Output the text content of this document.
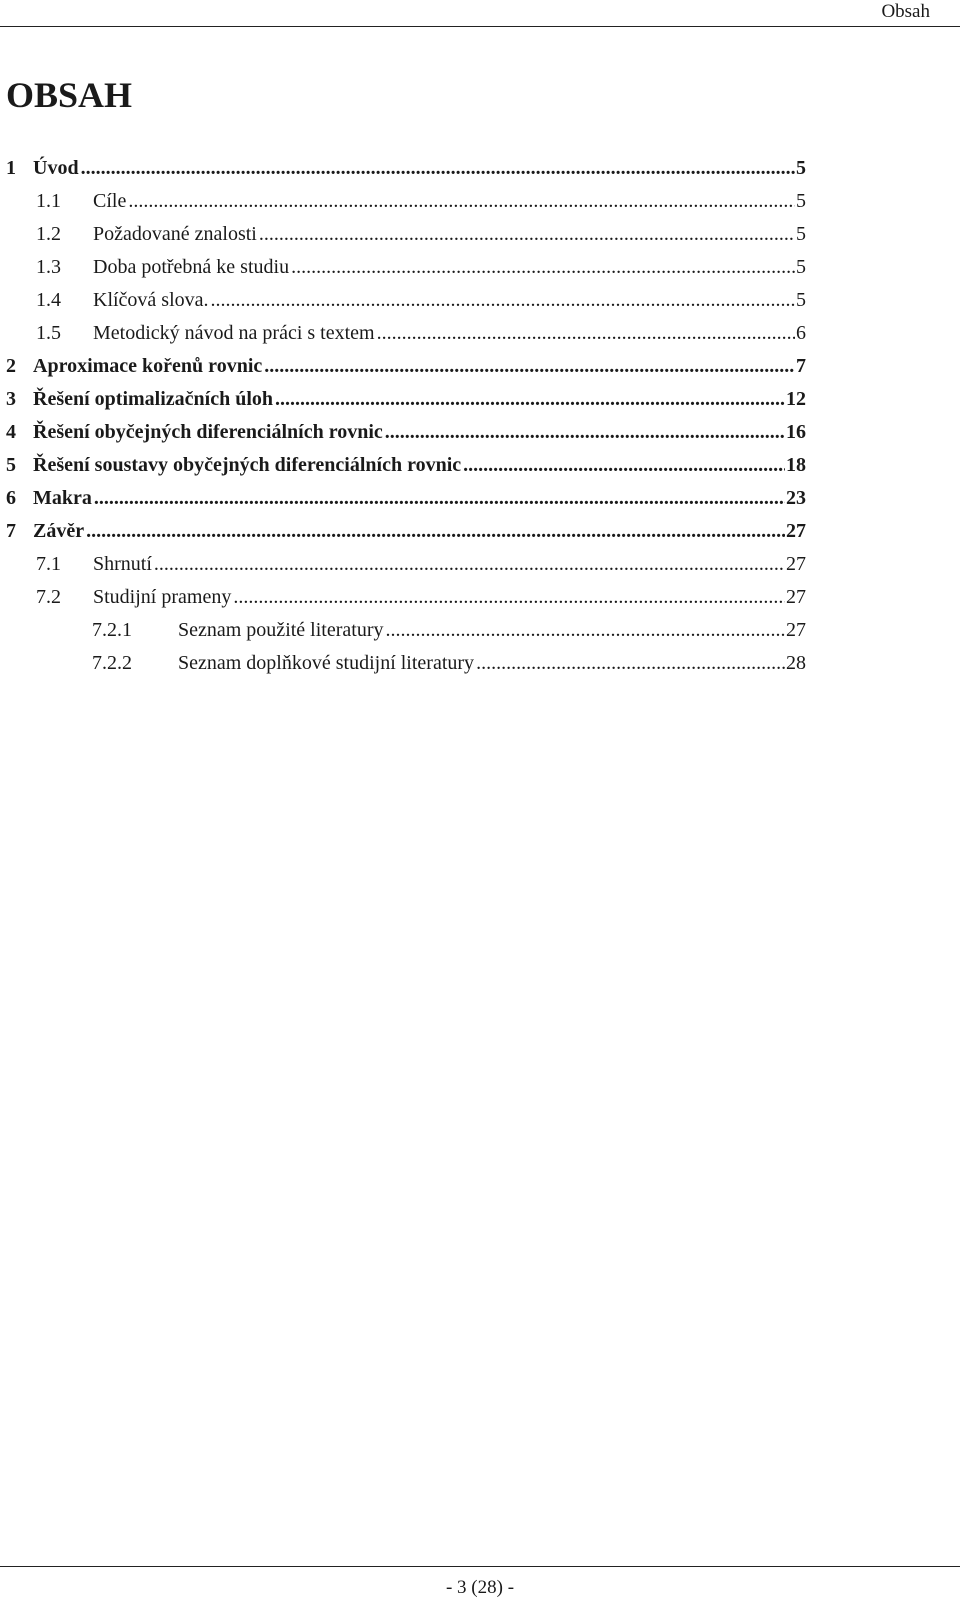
Obsah
OBSAH
1 Úvod .....	5
1.1	Cíle .....	5
1.2	Požadované znalosti .....	5
1.3	Doba potřebná ke studiu .....	5
1.4	Klíčová slova. .....	5
1.5	Metodický návod na práci s textem .....	6
2 Aproximace kořenů rovnic .....	7
3 Řešení optimalizačních úloh .....	12
4 Řešení obyčejných diferenciálních rovnic .....	16
5 Řešení soustavy obyčejných diferenciálních rovnic .....	18
6 Makra .....	23
7 Závěr .....	27
7.1	Shrnutí .....	27
7.2	Studijní prameny .....	27
7.2.1	Seznam použité literatury .....	27
7.2.2	Seznam doplňkové studijní literatury .....	28
- 3 (28) -
